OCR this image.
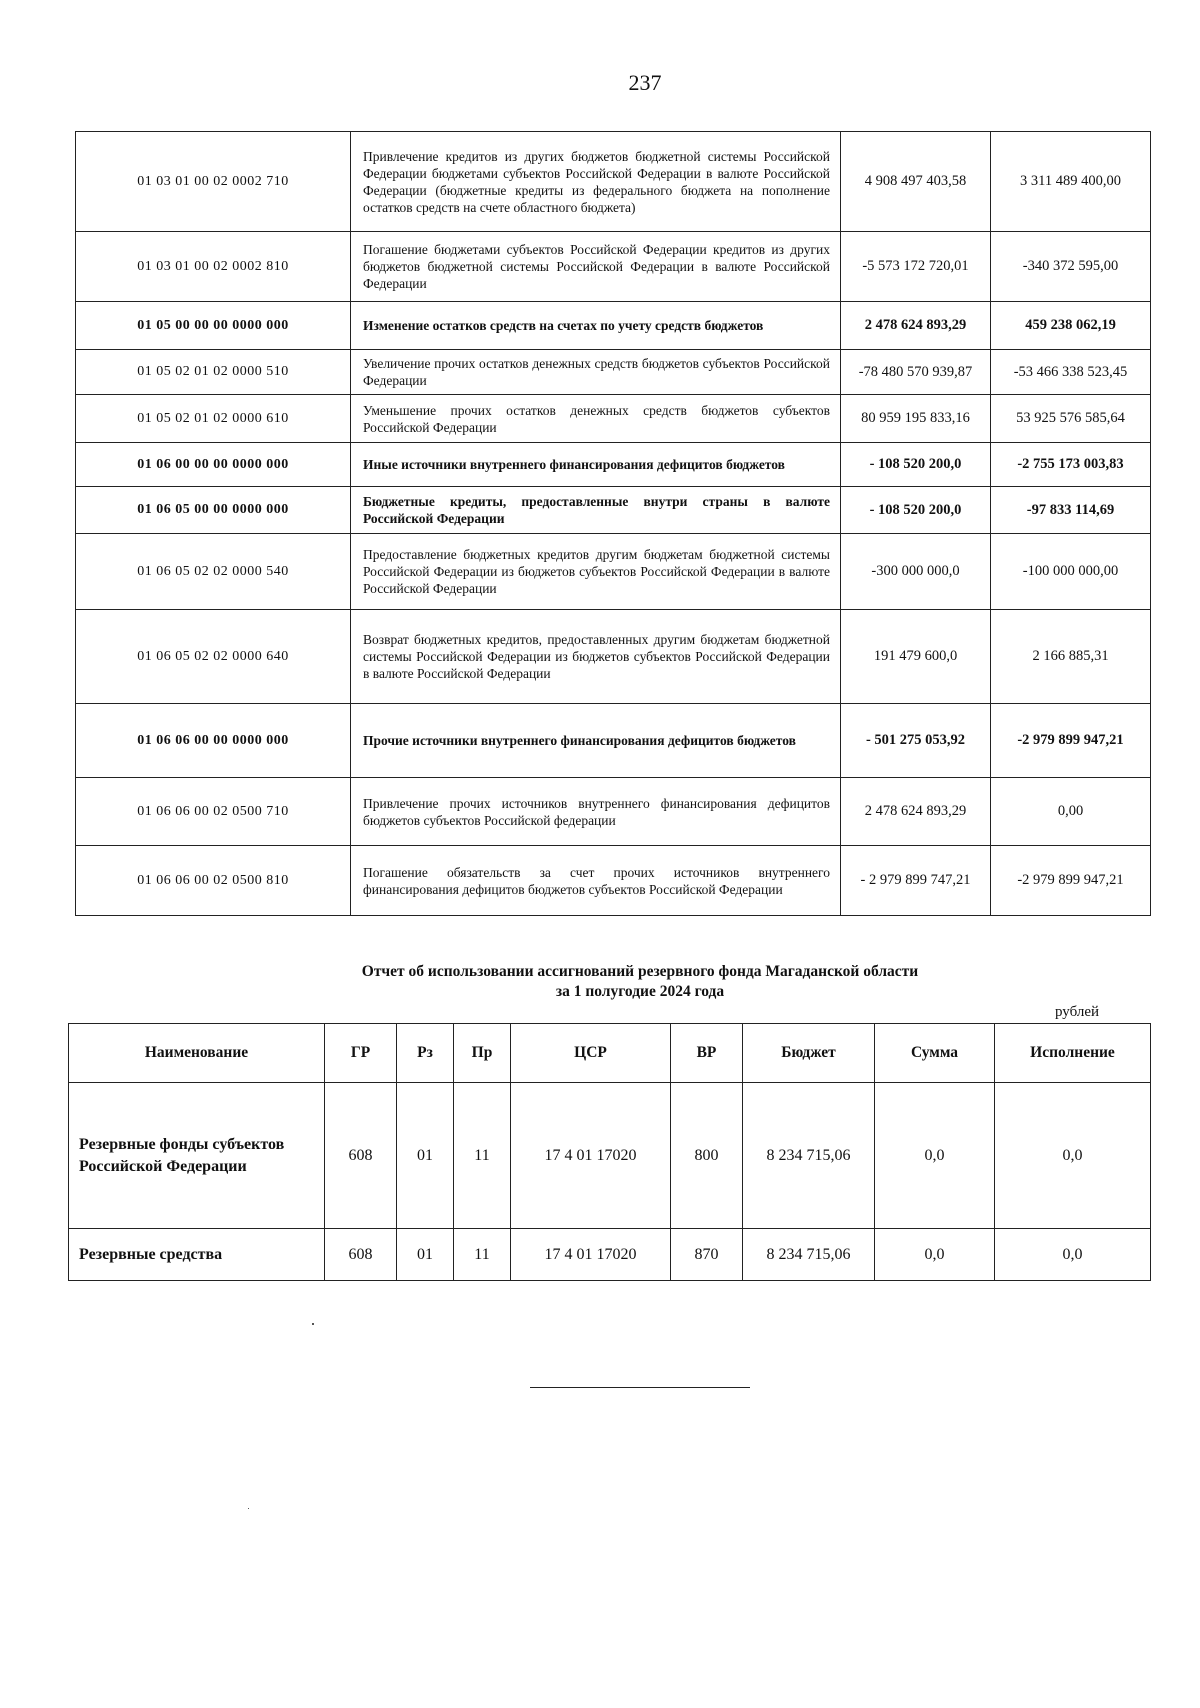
237
01 03 01 00 02 0002 710	Привлечение кредитов из других бюджетов бюджетной системы Российской Федерации бюджетами субъектов Российской Федерации в валюте Российской Федерации (бюджетные кредиты из федерального бюджета на пополнение остатков средств на счете областного бюджета)	4 908 497 403,58	3 311 489 400,00
01 03 01 00 02 0002 810	Погашение бюджетами субъектов Российской Федерации кредитов из других бюджетов бюджетной системы Российской Федерации в валюте Российской Федерации	-5 573 172 720,01	-340 372 595,00
01 05 00 00 00 0000 000	Изменение остатков средств на счетах по учету средств бюджетов	2 478 624 893,29	459 238 062,19
01 05 02 01 02 0000 510	Увеличение прочих остатков денежных средств бюджетов субъектов Российской Федерации	-78 480 570 939,87	-53 466 338 523,45
01 05 02 01 02 0000 610	Уменьшение прочих остатков денежных средств бюджетов субъектов Российской Федерации	80 959 195 833,16	53 925 576 585,64
01 06 00 00 00 0000 000	Иные источники внутреннего финансирования дефицитов бюджетов	- 108 520 200,0	-2 755 173 003,83
01 06 05 00 00 0000 000	Бюджетные кредиты, предоставленные внутри страны в валюте Российской Федерации	- 108 520 200,0	-97 833 114,69
01 06 05 02 02 0000 540	Предоставление бюджетных кредитов другим бюджетам бюджетной системы Российской Федерации из бюджетов субъектов Российской Федерации в валюте Российской Федерации	-300 000 000,0	-100 000 000,00
01 06 05 02 02 0000 640	Возврат бюджетных кредитов, предоставленных другим бюджетам бюджетной системы Российской Федерации из бюджетов субъектов Российской Федерации в валюте Российской Федерации	191 479 600,0	2 166 885,31
01 06 06 00 00 0000 000	Прочие источники внутреннего финансирования дефицитов бюджетов	- 501 275 053,92	-2 979 899 947,21
01 06 06 00 02 0500 710	Привлечение прочих источников внутреннего финансирования дефицитов бюджетов субъектов Российской федерации	2 478 624 893,29	0,00
01 06 06 00 02 0500 810	Погашение обязательств за счет прочих источников внутреннего финансирования дефицитов бюджетов субъектов Российской Федерации	- 2 979 899 747,21	-2 979 899 947,21
Отчет об использовании ассигнований резервного фонда Магаданской области
за 1 полугодие 2024 года
рублей
Наименование	ГР	Рз	Пр	ЦСР	ВР	Бюджет	Сумма	Исполнение
Резервные фонды субъектов Российской Федерации	608	01	11	17 4 01 17020	800	8 234 715,06	0,0	0,0
Резервные средства	608	01	11	17 4 01 17020	870	8 234 715,06	0,0	0,0
